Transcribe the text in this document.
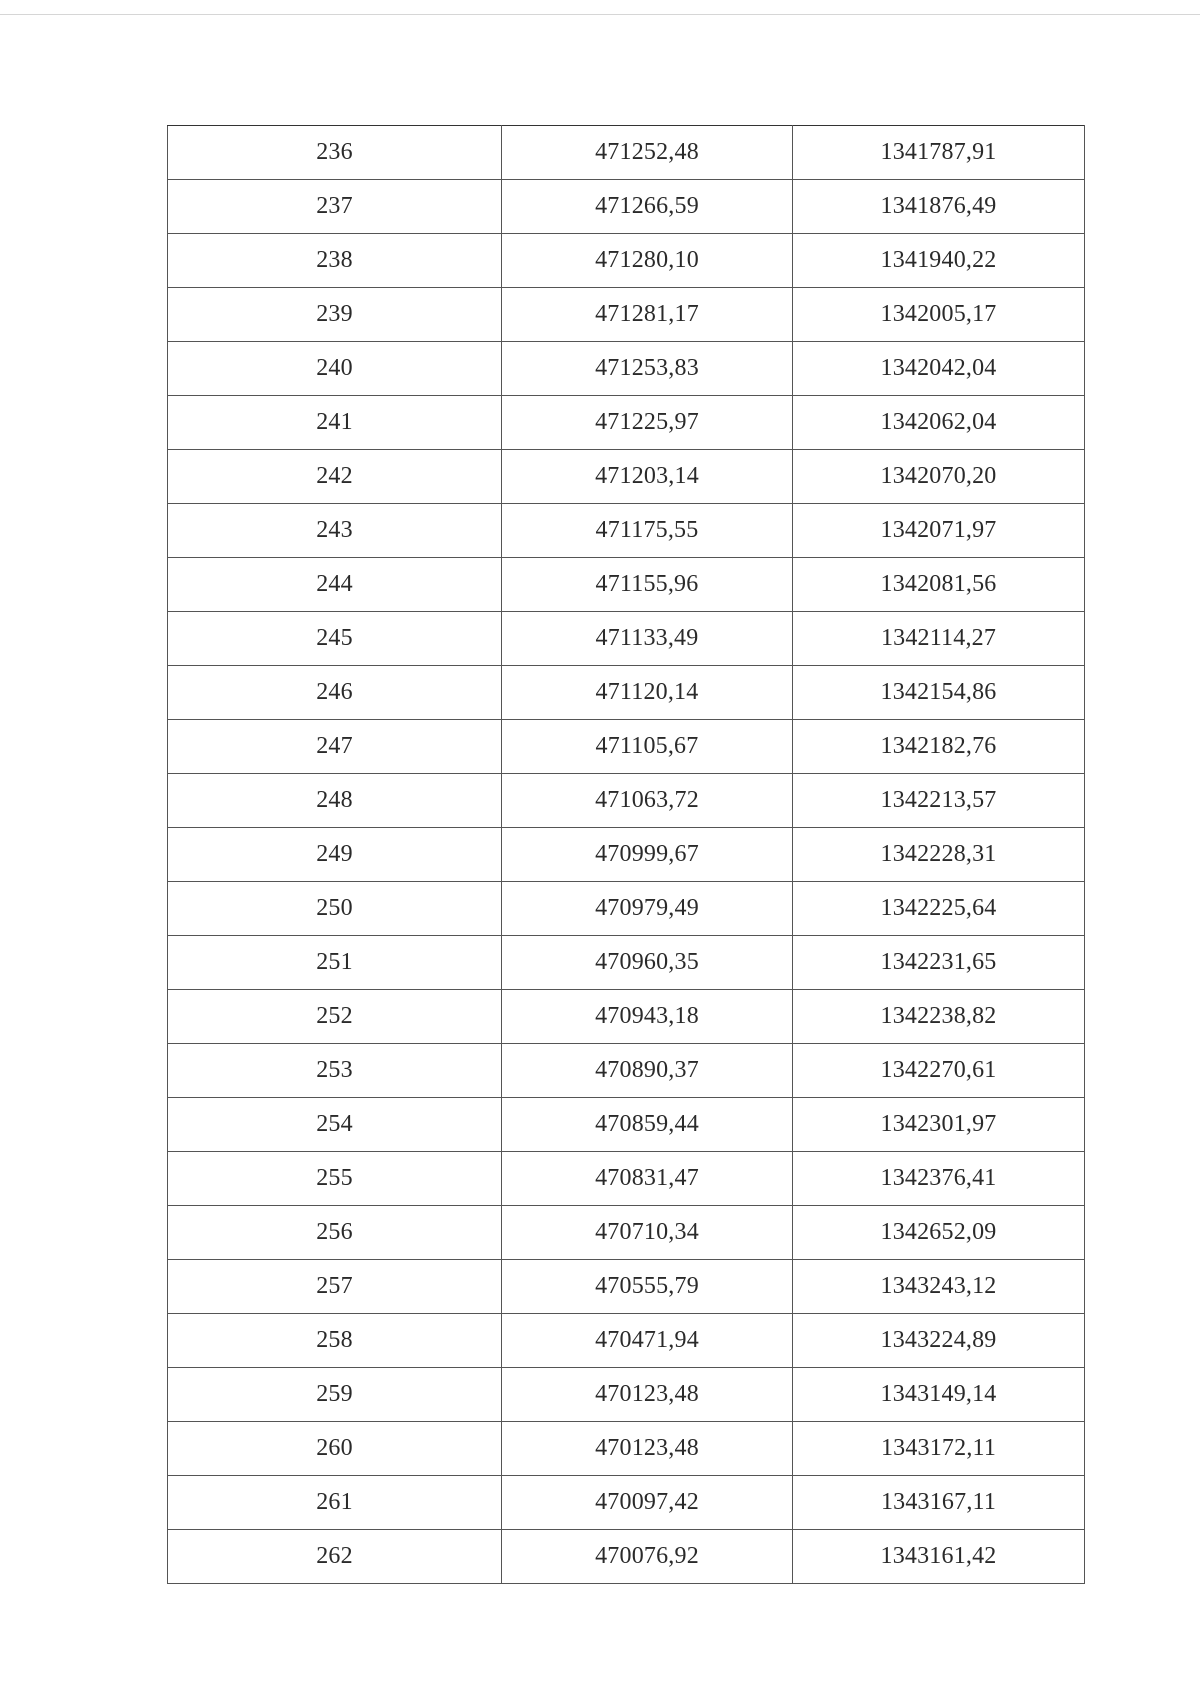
236	471252,48	1341787,91
237	471266,59	1341876,49
238	471280,10	1341940,22
239	471281,17	1342005,17
240	471253,83	1342042,04
241	471225,97	1342062,04
242	471203,14	1342070,20
243	471175,55	1342071,97
244	471155,96	1342081,56
245	471133,49	1342114,27
246	471120,14	1342154,86
247	471105,67	1342182,76
248	471063,72	1342213,57
249	470999,67	1342228,31
250	470979,49	1342225,64
251	470960,35	1342231,65
252	470943,18	1342238,82
253	470890,37	1342270,61
254	470859,44	1342301,97
255	470831,47	1342376,41
256	470710,34	1342652,09
257	470555,79	1343243,12
258	470471,94	1343224,89
259	470123,48	1343149,14
260	470123,48	1343172,11
261	470097,42	1343167,11
262	470076,92	1343161,42
